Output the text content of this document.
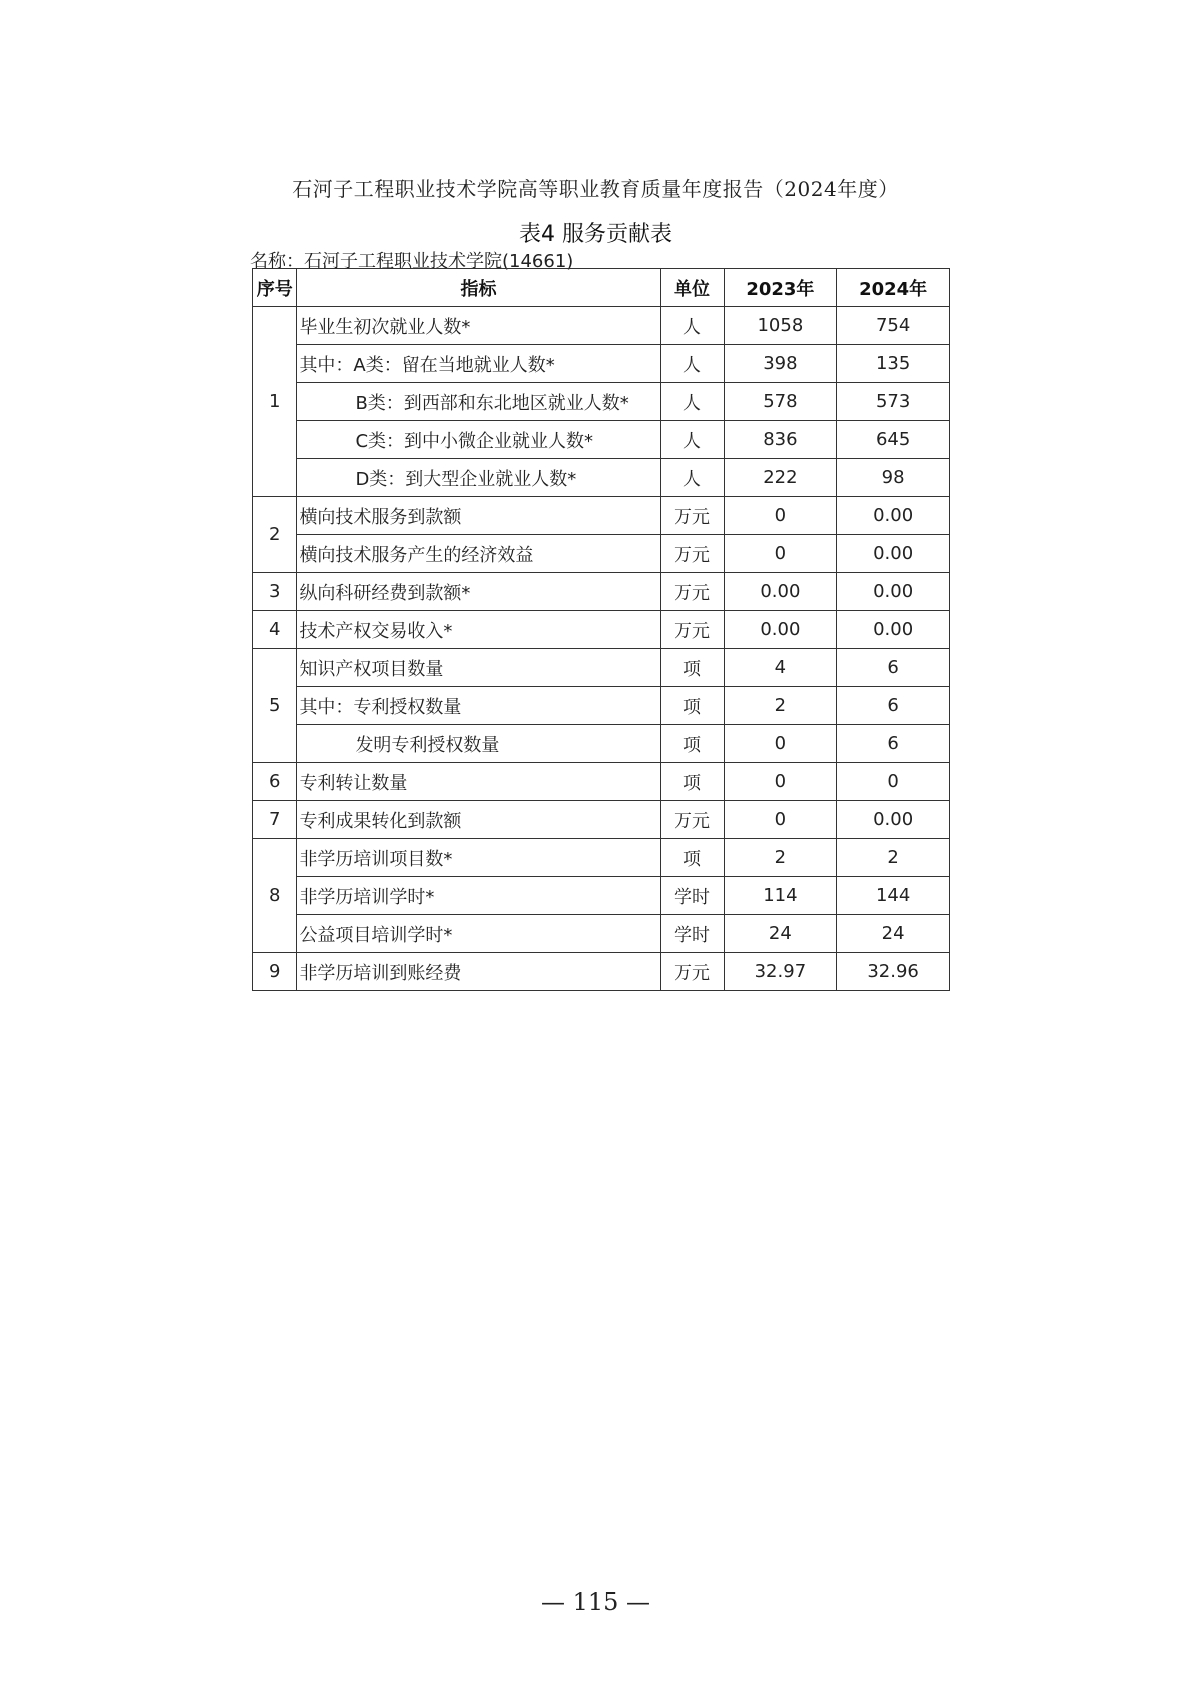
石河子工程职业技术学院高等职业教育质量年度报告（2024年度）
表4 服务贡献表
名称：石河子工程职业技术学院(14661)
序号	指标	单位	2023年	2024年
1	毕业生初次就业人数*	人	1058	754
	其中：A类：留在当地就业人数*	人	398	135
	B类：到西部和东北地区就业人数*	人	578	573
	C类：到中小微企业就业人数*	人	836	645
	D类：到大型企业就业人数*	人	222	98
2	横向技术服务到款额	万元	0	0.00
	横向技术服务产生的经济效益	万元	0	0.00
3	纵向科研经费到款额*	万元	0.00	0.00
4	技术产权交易收入*	万元	0.00	0.00
5	知识产权项目数量	项	4	6
	其中：专利授权数量	项	2	6
	发明专利授权数量	项	0	6
6	专利转让数量	项	0	0
7	专利成果转化到款额	万元	0	0.00
8	非学历培训项目数*	项	2	2
	非学历培训学时*	学时	114	144
	公益项目培训学时*	学时	24	24
9	非学历培训到账经费	万元	32.97	32.96
— 115 —
